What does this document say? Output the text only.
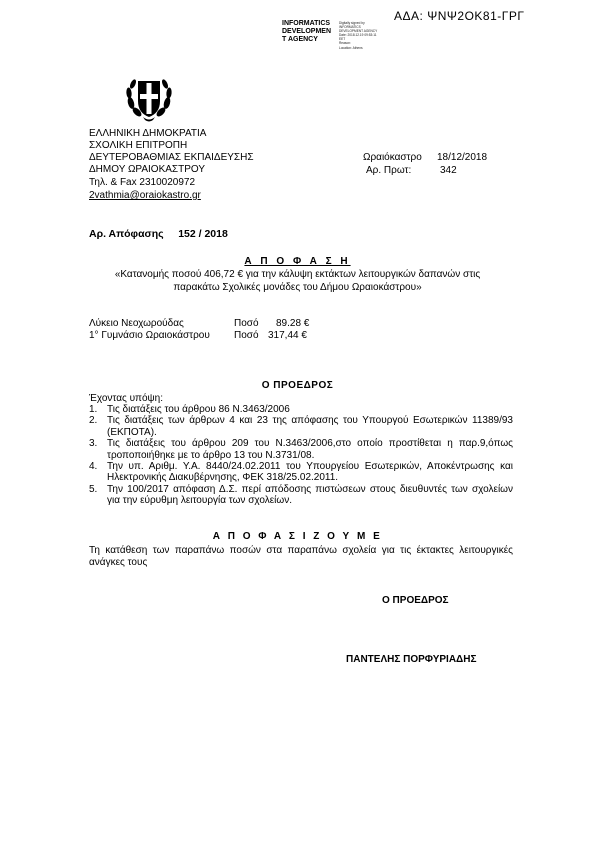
ΑΔΑ: ΨΝΨ2ΟΚ81-ΓΡΓ
INFORMATICS
DEVELOPMEN
T AGENCY
Digitally signed by
INFORMATICS
DEVELOPMENT AGENCY
Date: 2018.12.19 09:53:11
EET
Reason:
Location: Athens
ΕΛΛΗΝΙΚΗ ΔΗΜΟΚΡΑΤΙΑ
ΣΧΟΛΙΚΗ ΕΠΙΤΡΟΠΗ
ΔΕΥΤΕΡΟΒΑΘΜΙΑΣ ΕΚΠΑΙΔΕΥΣΗΣ
ΔΗΜΟΥ ΩΡΑΙΟΚΑΣΤΡΟΥ
Τηλ. & Fax 2310020972
2vathmia@oraiokastro.gr
Ωραιόκαστρο 18/12/2018
Αρ. Πρωτ:	342
Αρ. Απόφασης 152 / 2018
Α Π Ο Φ Α Σ Η
«Κατανομής ποσού 406,72 € για την κάλυψη εκτάκτων λειτουργικών δαπανών στις
παρακάτω Σχολικές μονάδες του Δήμου Ωραιοκάστρου»
Λύκειο Νεοχωρούδας	Ποσό 89.28 €
1° Γυμνάσιο Ωραιοκάστρου Ποσό 317,44 €
Ο ΠΡΟΕΔΡΟΣ
Έχοντας υπόψη:
1. Τις διατάξεις του άρθρου 86 Ν.3463/2006
2. Τις διατάξεις των άρθρων 4 και 23 της απόφασης του Υπουργού Εσωτερικών 11389/93 (ΕΚΠΟΤΑ).
3. Τις διατάξεις του άρθρου 209 του Ν.3463/2006,στο οποίο προστίθεται η παρ.9,όπως τροποποιήθηκε με το άρθρο 13 του Ν.3731/08.
4. Την υπ. Αριθμ. Υ.Α. 8440/24.02.2011 του Υπουργείου Εσωτερικών, Αποκέντρωσης και Ηλεκτρονικής Διακυβέρνησης, ΦΕΚ 318/25.02.2011.
5. Την 100/2017 απόφαση Δ.Σ. περί απόδοσης πιστώσεων στους διευθυντές των σχολείων για την εύρυθμη λειτουργία των σχολείων.
Α Π Ο Φ Α Σ Ι Ζ Ο Υ Μ Ε
Τη κατάθεση των παραπάνω ποσών στα παραπάνω σχολεία για τις έκτακτες λειτουργικές ανάγκες τους
Ο ΠΡΟΕΔΡΟΣ
ΠΑΝΤΕΛΗΣ ΠΟΡΦΥΡΙΑΔΗΣ
